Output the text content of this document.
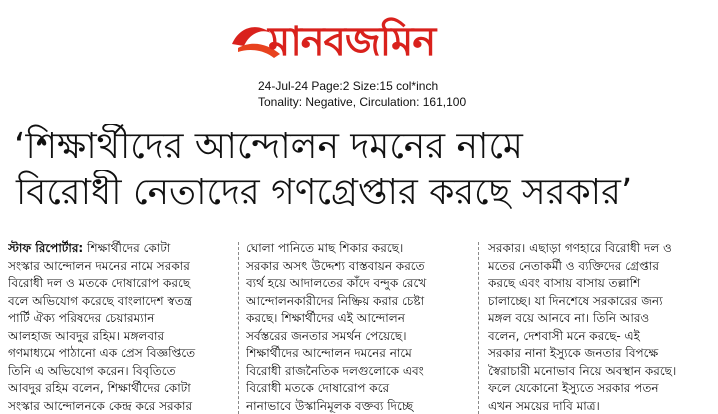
মানবজমিন
24-Jul-24 Page:2 Size:15 col*inch
Tonality: Negative, Circulation: 161,100
‘শিক্ষার্থীদের আন্দোলন দমনের নামে
বিরোধী নেতাদের গণগ্রেপ্তার করছে সরকার’

স্টাফ রিপোর্টার: শিক্ষার্থীদের কোটা

সংস্কার আন্দোলন দমনের নামে সরকার

বিরোধী দল ও মতকে দোষারোপ করছে

বলে অভিযোগ করেছে বাংলাদেশ স্বতন্ত্র

পার্টি ঐক্য পরিষদের চেয়ারম্যান

আলহাজ আবদুর রহিম। মঙ্গলবার

গণমাধ্যমে পাঠানো এক প্রেস বিজ্ঞপ্তিতে

তিনি এ অভিযোগ করেন। বিবৃতিতে

আবদুর রহিম বলেন, শিক্ষার্থীদের কোটা

সংস্কার আন্দোলনকে কেন্দ্র করে সরকার

ঘোলা পানিতে মাছ শিকার করছে।

সরকার অসৎ উদ্দেশ্য বাস্তবায়ন করতে

ব্যর্থ হয়ে আদালতের কাঁদে বন্দুক রেখে

আন্দোলনকারীদের নিষ্ক্রিয় করার চেষ্টা

করছে। শিক্ষার্থীদের এই আন্দোলন

সর্বস্তরের জনতার সমর্থন পেয়েছে।

শিক্ষার্থীদের আন্দোলন দমনের নামে

বিরোধী রাজনৈতিক দলগুলোকে এবং

বিরোধী মতকে দোষারোপ করে

নানাভাবে উস্কানিমূলক বক্তব্য দিচ্ছে

সরকার। এছাড়া গণহারে বিরোধী দল ও

মতের নেতাকর্মী ও ব্যক্তিদের গ্রেপ্তার

করছে এবং বাসায় বাসায় তল্লাশি

চালাচ্ছে। যা দিনশেষে সরকারের জন্য

মঙ্গল বয়ে আনবে না। তিনি আরও

বলেন, দেশবাসী মনে করছে- এই

সরকার নানা ইস্যুকে জনতার বিপক্ষে

স্বৈরাচারী মনোভাব নিয়ে অবস্থান করছে।

ফলে যেকোনো ইস্যুতে সরকার পতন

এখন সময়ের দাবি মাত্র।
